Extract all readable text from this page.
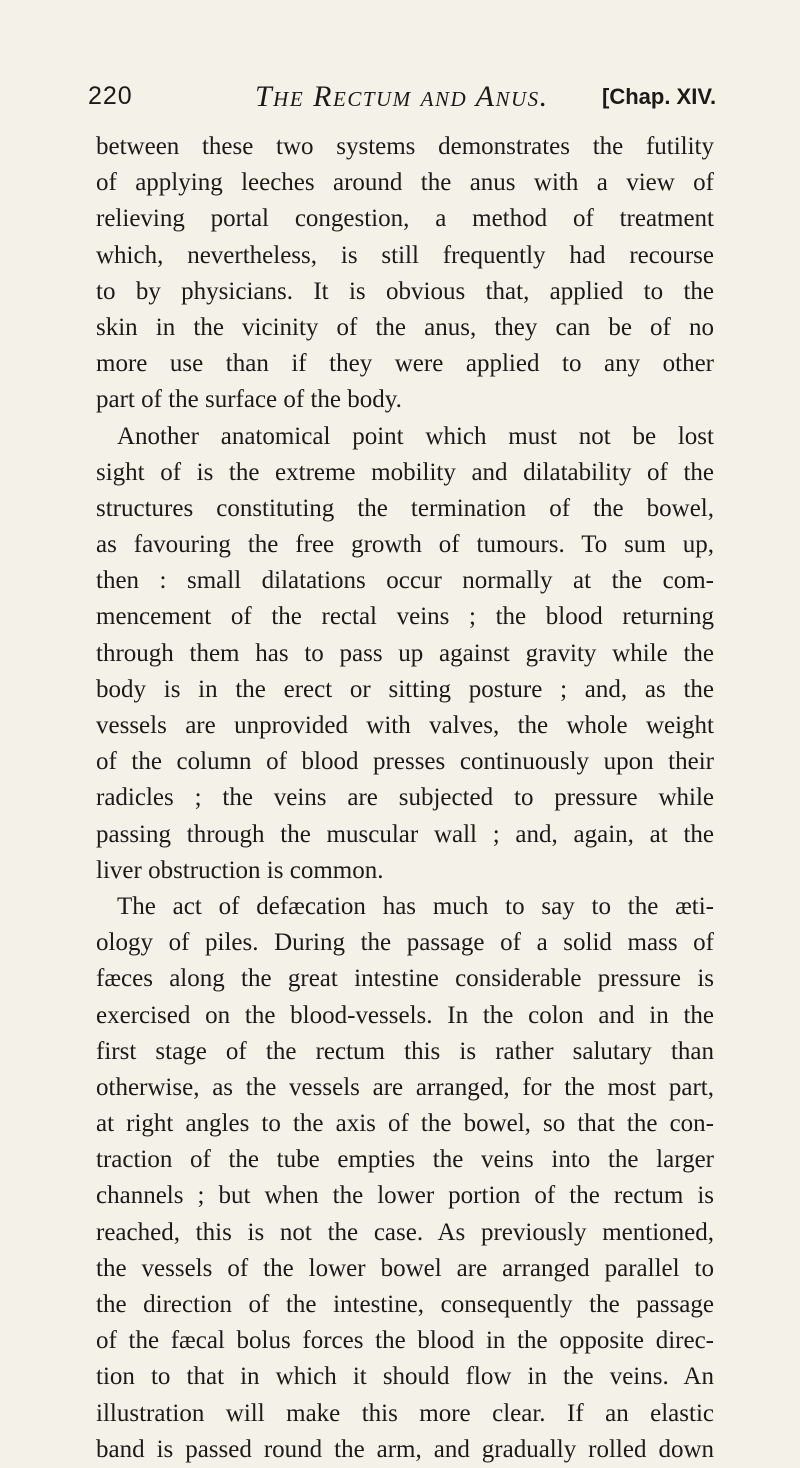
220	The Rectum and Anus. [Chap. XIV.
between these two systems demonstrates the futility
of applying leeches around the anus with a view of
relieving portal congestion, a method of treatment
which, nevertheless, is still frequently had recourse
to by physicians. It is obvious that, applied to the
skin in the vicinity of the anus, they can be of no
more use than if they were applied to any other
part of the surface of the body.
Another anatomical point which must not be lost
sight of is the extreme mobility and dilatability of the
structures constituting the termination of the bowel,
as favouring the free growth of tumours. To sum up,
then : small dilatations occur normally at the com-
mencement of the rectal veins ; the blood returning
through them has to pass up against gravity while the
body is in the erect or sitting posture ; and, as the
vessels are unprovided with valves, the whole weight
of the column of blood presses continuously upon their
radicles ; the veins are subjected to pressure while
passing through the muscular wall ; and, again, at the
liver obstruction is common.
The act of defæcation has much to say to the æti-
ology of piles. During the passage of a solid mass of
fæces along the great intestine considerable pressure is
exercised on the blood-vessels. In the colon and in the
first stage of the rectum this is rather salutary than
otherwise, as the vessels are arranged, for the most part,
at right angles to the axis of the bowel, so that the con-
traction of the tube empties the veins into the larger
channels ; but when the lower portion of the rectum is
reached, this is not the case. As previously mentioned,
the vessels of the lower bowel are arranged parallel to
the direction of the intestine, consequently the passage
of the fæcal bolus forces the blood in the opposite direc-
tion to that in which it should flow in the veins. An
illustration will make this more clear. If an elastic
band is passed round the arm, and gradually rolled down
